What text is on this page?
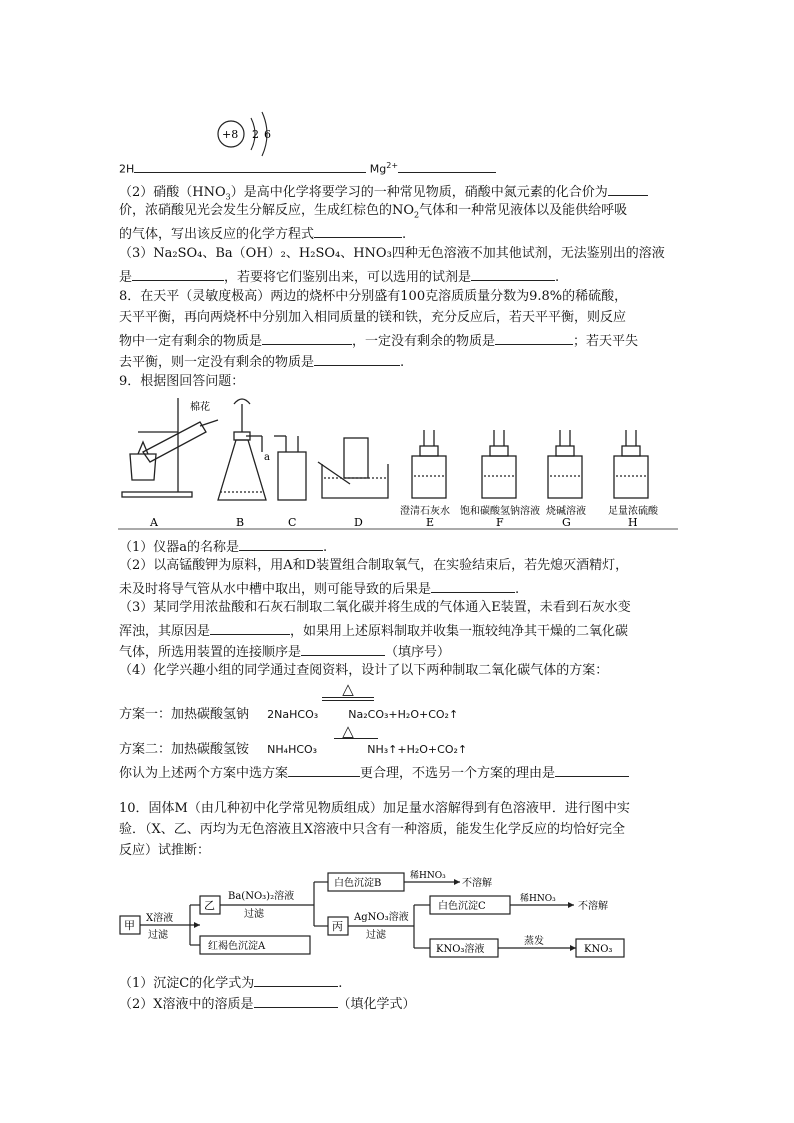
+8 2 6
2H	$Mg^{2+}$
（2）硝酸$(HNO_3)$是高中化学将要学习的一种常见物质，硝酸中氮元素的化合价为
价，浓硝酸见光会发生分解反应，生成红棕色的$NO_2$气体和一种常见液体以及能供给呼吸
的气体，写出该反应的化学方程式	.
（3）Na₂SO₄、Ba（OH）₂、H₂SO₄、HNO₃四种无色溶液不加其他试剂，无法鉴别出的溶液
是	，若要将它们鉴别出来，可以选用的试剂是	.
8．在天平（灵敏度极高）两边的烧杯中分别盛有100克溶质质量分数为9.8%的稀硫酸，
天平平衡，再向两烧杯中分别加入相同质量的镁和铁，充分反应后，若天平平衡，则反应
物中一定有剩余的物质是	，一定没有剩余的物质是	；若天平失
去平衡，则一定没有剩余的物质是	.
9．根据图回答问题：
棉花
a
澄清石灰水 饱和碳酸氢钠溶液 烧碱溶液 足量浓硫酸
A	B	C	D	E	F	G	H
（1）仪器a的名称是	.
（2）以高锰酸钾为原料，用A和D装置组合制取氧气，在实验结束后，若先熄灭酒精灯，
未及时将导气管从水中槽中取出，则可能导致的后果是	.
（3）某同学用浓盐酸和石灰石制取二氧化碳并将生成的气体通入E装置，未看到石灰水变
浑浊，其原因是	，如果用上述原料制取并收集一瓶较纯净其干燥的二氧化碳
气体，所选用装置的连接顺序是	（填序号）
（4）化学兴趣小组的同学通过查阅资料，设计了以下两种制取二氧化碳气体的方案：
△
方案一：加热碳酸氢钠 2NaHCO₃	Na₂CO₃+H₂O+CO₂↑
△
方案二：加热碳酸氢铵 NH₄HCO₃	NH₃↑+H₂O+CO₂↑
你认为上述两个方案中选方案	更合理，不选另一个方案的理由是
10．固体M（由几种初中化学常见物质组成）加足量水溶解得到有色溶液甲．进行图中实
验．（X、乙、丙均为无色溶液且X溶液中只含有一种溶质，能发生化学反应的均恰好完全
反应）试推断：
甲
X溶液
过滤
乙
Ba(NO₃)₂溶液
过滤
红褐色沉淀A
白色沉淀B
稀HNO₃
不溶解
丙
AgNO₃溶液
过滤
白色沉淀C
稀HNO₃
不溶解
KNO₃溶液
蒸发
KNO₃
（1）沉淀C的化学式为	.
（2）X溶液中的溶质是	（填化学式）
